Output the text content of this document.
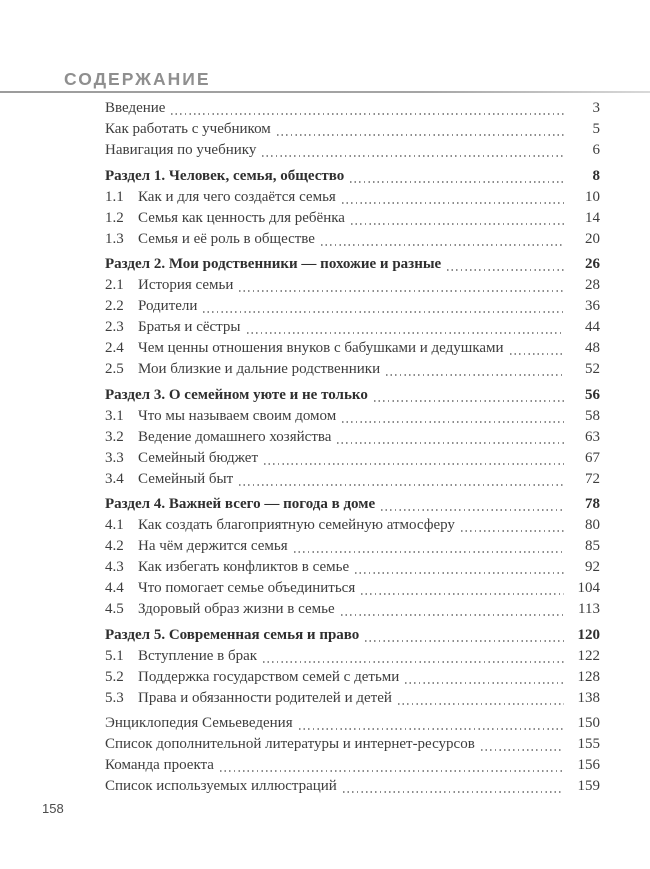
СОДЕРЖАНИЕ
Введение	3
Как работать с учебником	5
Навигация по учебнику	6
Раздел 1. Человек, семья, общество	8
1.1 Как и для чего создаётся семья	10
1.2 Семья как ценность для ребёнка	14
1.3 Семья и её роль в обществе	20
Раздел 2. Мои родственники — похожие и разные	26
2.1 История семьи	28
2.2 Родители	36
2.3 Братья и сёстры	44
2.4 Чем ценны отношения внуков с бабушками и дедушками	48
2.5 Мои близкие и дальние родственники	52
Раздел 3. О семейном уюте и не только	56
3.1 Что мы называем своим домом	58
3.2 Ведение домашнего хозяйства	63
3.3 Семейный бюджет	67
3.4 Семейный быт	72
Раздел 4. Важней всего — погода в доме	78
4.1 Как создать благоприятную семейную атмосферу	80
4.2 На чём держится семья	85
4.3 Как избегать конфликтов в семье	92
4.4 Что помогает семье объединиться	104
4.5 Здоровый образ жизни в семье	113
Раздел 5. Современная семья и право	120
5.1 Вступление в брак	122
5.2 Поддержка государством семей с детьми	128
5.3 Права и обязанности родителей и детей	138
Энциклопедия Семьеведения	150
Список дополнительной литературы и интернет-ресурсов	155
Команда проекта	156
Список используемых иллюстраций	159
158
